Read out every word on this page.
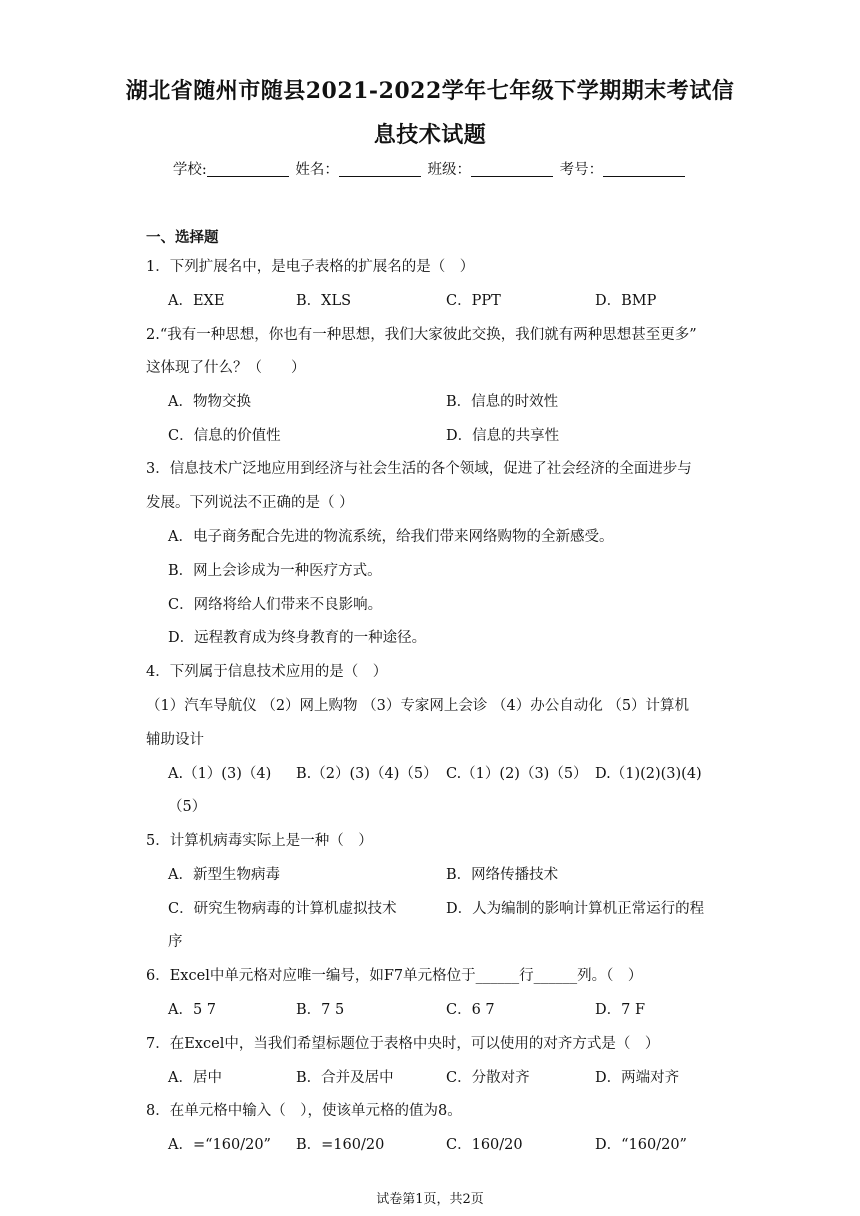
湖北省随州市随县2021-2022学年七年级下学期期末考试信
息技术试题
学校:	姓名：	班级：	考号：
一、选择题
1．下列扩展名中，是电子表格的扩展名的是（　）
A．EXE	B．XLS	C．PPT	D．BMP
2.“我有一种思想，你也有一种思想，我们大家彼此交换，我们就有两种思想甚至更多”
这体现了什么？（　　）
A．物物交换	B．信息的时效性
C．信息的价值性	D．信息的共享性
3．信息技术广泛地应用到经济与社会生活的各个领域，促进了社会经济的全面进步与
发展。下列说法不正确的是（ ）
A．电子商务配合先进的物流系统，给我们带来网络购物的全新感受。
B．网上会诊成为一种医疗方式。
C．网络将给人们带来不良影响。
D．远程教育成为终身教育的一种途径。
4．下列属于信息技术应用的是（　）
（1）汽车导航仪 （2）网上购物 （3）专家网上会诊 （4）办公自动化 （5）计算机
辅助设计
A.（1）(3)（4) B.（2）(3)（4)（5） C.（1）(2)（3)（5） D.（1)(2)(3)(4)
（5）
5．计算机病毒实际上是一种（　）
A．新型生物病毒	B．网络传播技术
C．研究生物病毒的计算机虚拟技术	D．人为编制的影响计算机正常运行的程
序
6．Excel中单元格对应唯一编号，如F7单元格位于______行______列。（　）
A．5 7	B．7 5	C．6 7	D．7 F
7．在Excel中，当我们希望标题位于表格中央时，可以使用的对齐方式是（　）
A．居中	B．合并及居中	C．分散对齐	D．两端对齐
8．在单元格中输入（　），使该单元格的值为8。
A．=“160/20” B．=160/20	C．160/20	D．“160/20”
试卷第1页，共2页
